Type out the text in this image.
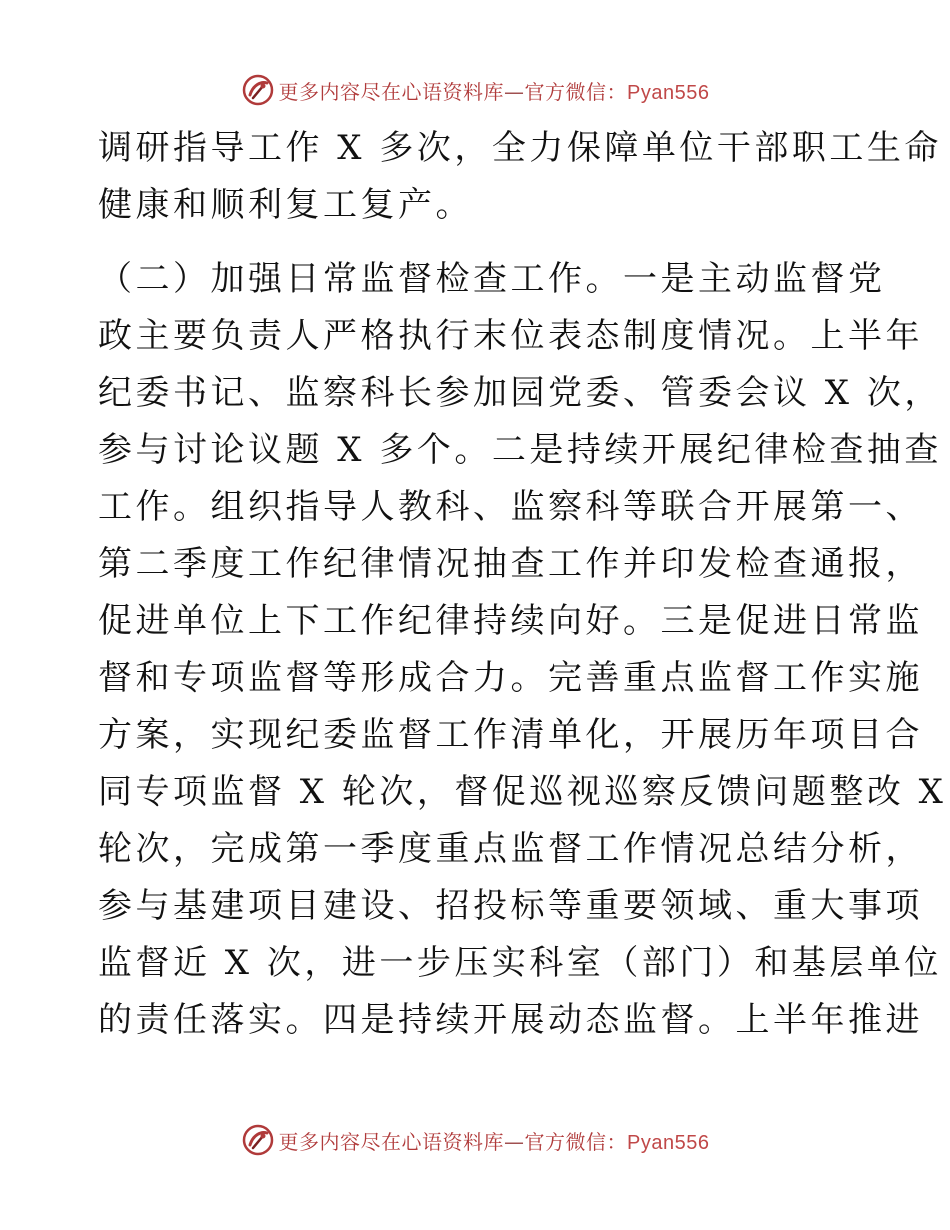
更多内容尽在心语资料库—官方微信：Pyan556
调研指导工作 X 多次，全力保障单位干部职工生命
健康和顺利复工复产。
（二）加强日常监督检查工作。一是主动监督党
政主要负责人严格执行末位表态制度情况。上半年
纪委书记、监察科长参加园党委、管委会议 X 次，
参与讨论议题 X 多个。二是持续开展纪律检查抽查
工作。组织指导人教科、监察科等联合开展第一、
第二季度工作纪律情况抽查工作并印发检查通报，
促进单位上下工作纪律持续向好。三是促进日常监
督和专项监督等形成合力。完善重点监督工作实施
方案，实现纪委监督工作清单化，开展历年项目合
同专项监督 X 轮次，督促巡视巡察反馈问题整改 X
轮次，完成第一季度重点监督工作情况总结分析，
参与基建项目建设、招投标等重要领域、重大事项
监督近 X 次，进一步压实科室（部门）和基层单位
的责任落实。四是持续开展动态监督。上半年推进
更多内容尽在心语资料库—官方微信：Pyan556
